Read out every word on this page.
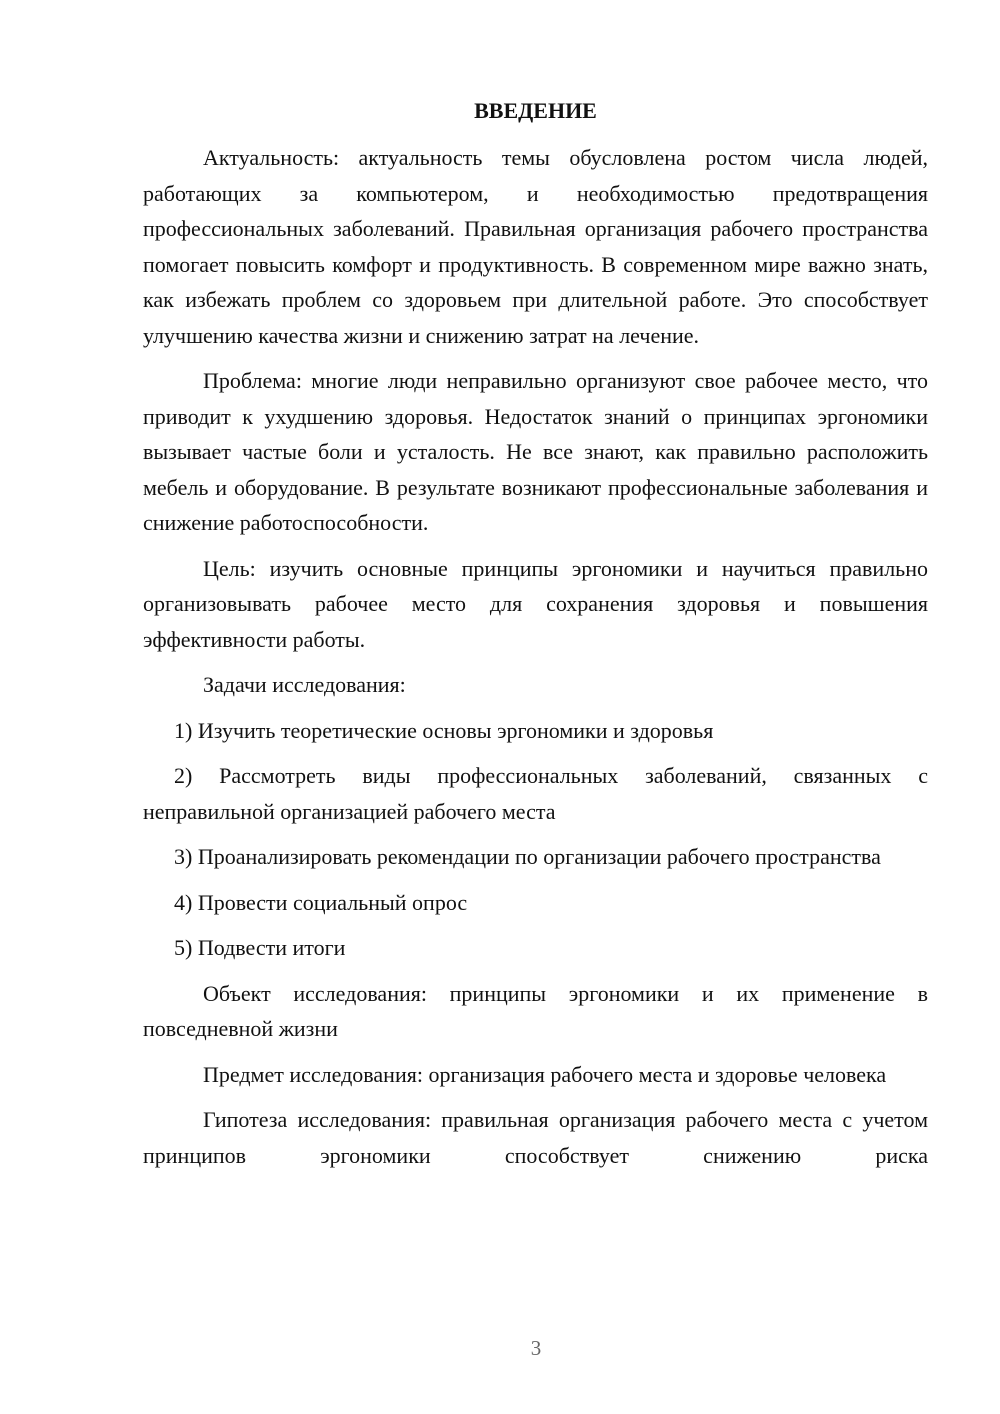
ВВЕДЕНИЕ

Актуальность: актуальность темы обусловлена ростом числа людей, работающих за компьютером, и необходимостью предотвращения профессиональных заболеваний. Правильная организация рабочего пространства помогает повысить комфорт и продуктивность. В современном мире важно знать, как избежать проблем со здоровьем при длительной работе. Это способствует улучшению качества жизни и снижению затрат на лечение.

Проблема: многие люди неправильно организуют свое рабочее место, что приводит к ухудшению здоровья. Недостаток знаний о принципах эргономики вызывает частые боли и усталость. Не все знают, как правильно расположить мебель и оборудование. В результате возникают профессиональные заболевания и снижение работоспособности.

Цель: изучить основные принципы эргономики и научиться правильно организовывать рабочее место для сохранения здоровья и повышения эффективности работы.

Задачи исследования:

1) Изучить теоретические основы эргономики и здоровья

2) Рассмотреть виды профессиональных заболеваний, связанных с неправильной организацией рабочего места

3) Проанализировать рекомендации по организации рабочего пространства

4) Провести социальный опрос

5) Подвести итоги

Объект исследования: принципы эргономики и их применение в повседневной жизни

Предмет исследования: организация рабочего места и здоровье человека

Гипотеза исследования: правильная организация рабочего места с учетом принципов эргономики способствует снижению риска

3
